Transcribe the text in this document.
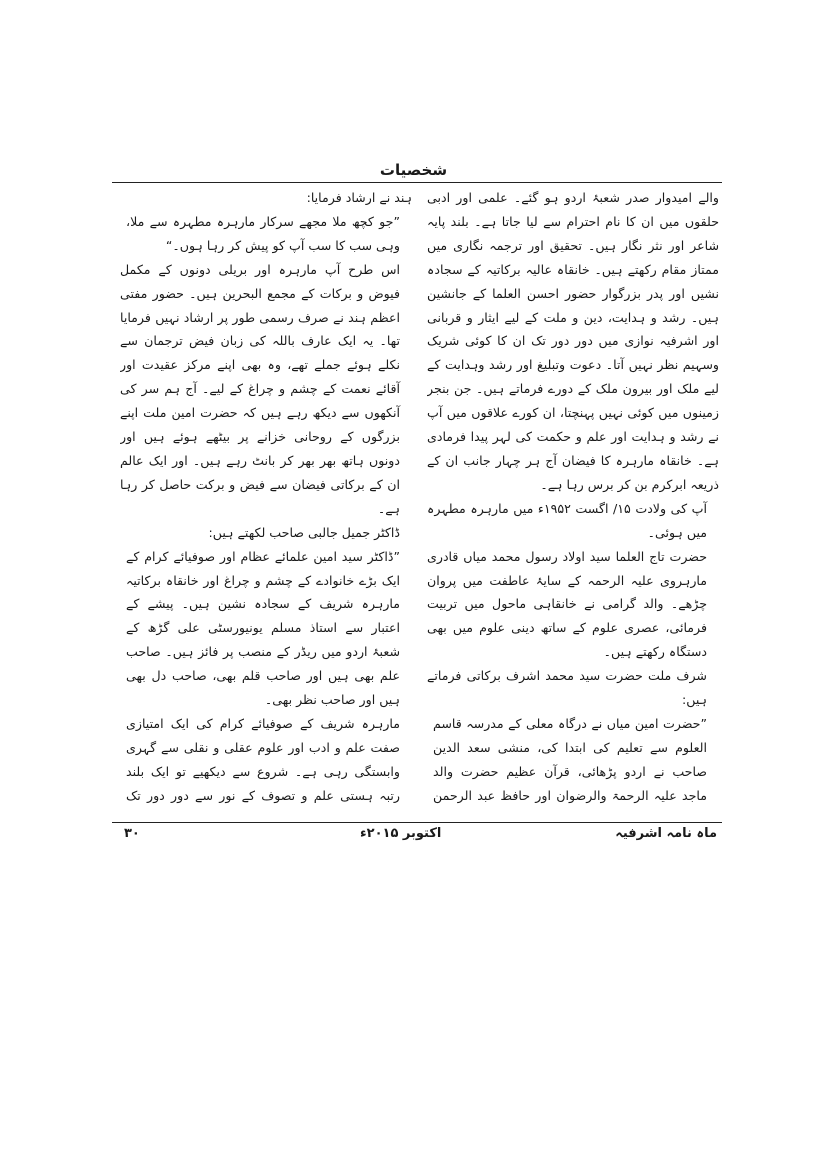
شخصیات

والے امیدوار صدر شعبۂ اردو ہو گئے۔ علمی اور ادبی حلقوں میں ان کا نام احترام سے لیا جاتا ہے۔ بلند پایہ شاعر اور نثر نگار ہیں۔ تحقیق اور ترجمہ نگاری میں ممتاز مقام رکھتے ہیں۔ خانقاہ عالیہ برکاتیہ کے سجادہ نشیں اور پدر بزرگوار حضور احسن العلما کے جانشین ہیں۔ رشد و ہدایت، دین و ملت کے لیے ایثار و قربانی اور اشرفیہ نوازی میں دور دور تک ان کا کوئی شریک وسہیم نظر نہیں آتا۔ دعوت وتبلیغ اور رشد وہدایت کے لیے ملک اور بیرون ملک کے دورے فرماتے ہیں۔ جن بنجر زمینوں میں کوئی نہیں پہنچتا، ان کورے علاقوں میں آپ نے رشد و ہدایت اور علم و حکمت کی لہر پیدا فرمادی ہے۔ خانقاہ مارہرہ کا فیضان آج ہر چہار جانب ان کے ذریعہ ابرکرم بن کر برس رہا ہے۔

آپ کی ولادت ۱۵/ اگست ۱۹۵۲ء میں مارہرہ مطہرہ میں ہوئی۔

حضرت تاج العلما سید اولاد رسول محمد میاں قادری مارہروی علیہ الرحمہ کے سایۂ عاطفت میں پروان چڑھے۔ والد گرامی نے خانقاہی ماحول میں تربیت فرمائی، عصری علوم کے ساتھ دینی علوم میں بھی دستگاہ رکھتے ہیں۔

شرف ملت حضرت سید محمد اشرف برکاتی فرماتے ہیں:

”حضرت امین میاں نے درگاہ معلی کے مدرسہ قاسم العلوم سے تعلیم کی ابتدا کی، منشی سعد الدین صاحب نے اردو پڑھائی، قرآن عظیم حضرت والد ماجد علیہ الرحمۃ والرضوان اور حافظ عبد الرحمن

ہند نے ارشاد فرمایا:

”جو کچھ ملا مجھے سرکار مارہرہ مطہرہ سے ملا، وہی سب کا سب آپ کو پیش کر رہا ہوں۔“

اس طرح آپ مارہرہ اور بریلی دونوں کے مکمل فیوض و برکات کے مجمع البحرین ہیں۔ حضور مفتی اعظم ہند نے صرف رسمی طور پر ارشاد نہیں فرمایا تھا۔ یہ ایک عارف باللہ کی زبان فیض ترجمان سے نکلے ہوئے جملے تھے، وہ بھی اپنے مرکز عقیدت اور آقائے نعمت کے چشم و چراغ کے لیے۔ آج ہم سر کی آنکھوں سے دیکھ رہے ہیں کہ حضرت امین ملت اپنے بزرگوں کے روحانی خزانے پر بیٹھے ہوئے ہیں اور دونوں ہاتھ بھر بھر کر بانٹ رہے ہیں۔ اور ایک عالم ان کے برکاتی فیضان سے فیض و برکت حاصل کر رہا ہے۔

ڈاکٹر جمیل جالبی صاحب لکھتے ہیں:

”ڈاکٹر سید امین علمائے عظام اور صوفیائے کرام کے ایک بڑے خانوادے کے چشم و چراغ اور خانقاہ برکاتیہ مارہرہ شریف کے سجادہ نشین ہیں۔ پیشے کے اعتبار سے استاذ مسلم یونیورسٹی علی گڑھ کے شعبۂ اردو میں ریڈر کے منصب پر فائز ہیں۔ صاحب علم بھی ہیں اور صاحب قلم بھی، صاحب دل بھی ہیں اور صاحب نظر بھی۔

مارہرہ شریف کے صوفیائے کرام کی ایک امتیازی صفت علم و ادب اور علوم عقلی و نقلی سے گہری وابستگی رہی ہے۔ شروع سے دیکھیے تو ایک بلند رتبہ ہستی علم و تصوف کے نور سے دور دور تک

ماہ نامہ اشرفیہ
اکتوبر ۲۰۱۵ء
۳۰
